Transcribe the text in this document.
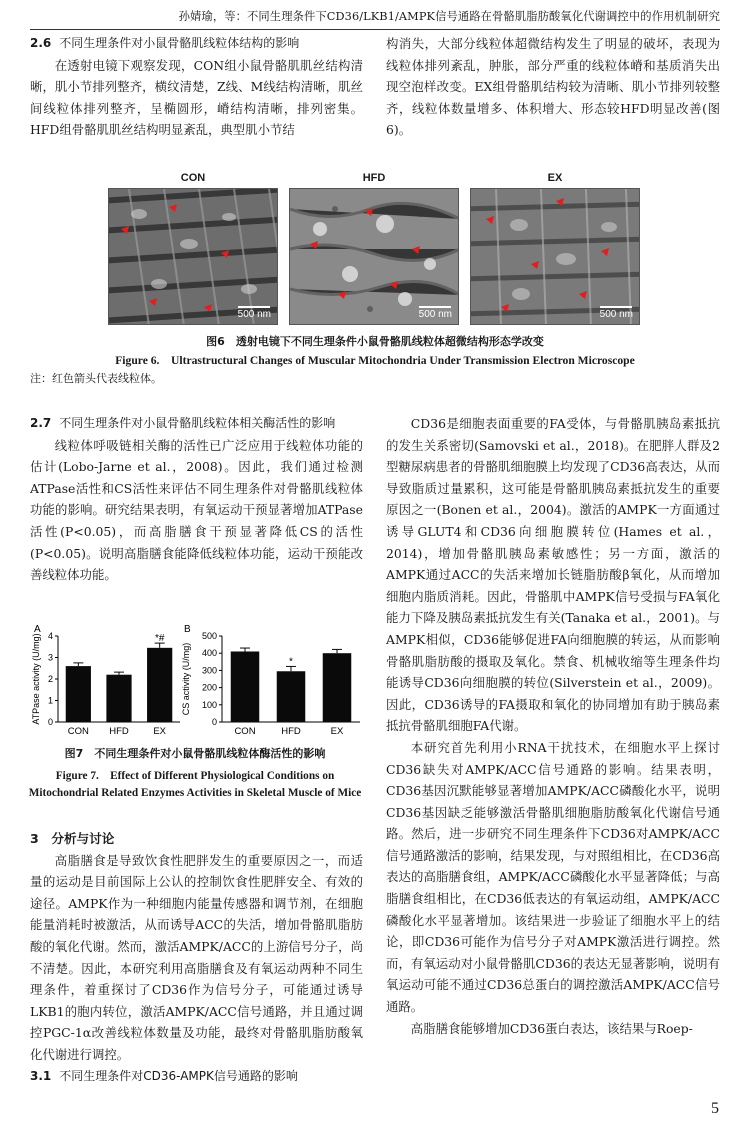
孙婧瑜，等：不同生理条件下CD36/LKB1/AMPK信号通路在骨骼肌脂肪酸氧化代谢调控中的作用机制研究

2.6 不同生理条件对小鼠骨骼肌线粒体结构的影响

在透射电镜下观察发现，CON组小鼠骨骼肌肌丝结构清晰，肌小节排列整齐，横纹清楚，Z线、M线结构清晰，肌丝间线粒体排列整齐，呈椭圆形，嵴结构清晰，排列密集。HFD组骨骼肌肌丝结构明显紊乱，典型肌小节结

构消失，大部分线粒体超微结构发生了明显的破坏，表现为线粒体排列紊乱，肿胀，部分严重的线粒体嵴和基质消失出现空泡样改变。EX组骨骼肌结构较为清晰、肌小节排列较整齐，线粒体数量增多、体积增大、形态较HFD明显改善(图6)。

CON	HFD	EX
500 nm	500 nm	500 nm
图6　透射电镜下不同生理条件小鼠骨骼肌线粒体超微结构形态学改变
Figure 6.　Ultrastructural Changes of Muscular Mitochondria Under Transmission Electron Microscope
注：红色箭头代表线粒体。

2.7 不同生理条件对小鼠骨骼肌线粒体相关酶活性的影响

线粒体呼吸链相关酶的活性已广泛应用于线粒体功能的估计(Lobo-Jarne et al.，2008)。因此，我们通过检测ATPase活性和CS活性来评估不同生理条件对骨骼肌线粒体功能的影响。研究结果表明，有氧运动干预显著增加ATPase活性(P<0.05)，而高脂膳食干预显著降低CS的活性(P<0.05)。说明高脂膳食能降低线粒体功能，运动干预能改善线粒体功能。

A
0
1
2
3
4
ATPase activity (U/mg)
CON HFD
*#
EX
B
0
100
200
300
400
500
CS activity (U/mg)
CON
*
HFD	EX
图7　不同生理条件对小鼠骨骼肌线粒体酶活性的影响
Figure 7.　Effect of Different Physiological Conditions on
Mitochondrial Related Enzymes Activities in Skeletal Muscle of Mice

3　 分析与讨论

高脂膳食是导致饮食性肥胖发生的重要原因之一，而适量的运动是目前国际上公认的控制饮食性肥胖安全、有效的途径。AMPK作为一种细胞内能量传感器和调节剂，在细胞能量消耗时被激活，从而诱导ACC的失活，增加骨骼肌脂肪酸的氧化代谢。然而，激活AMPK/ACC的上游信号分子，尚不清楚。因此，本研究利用高脂膳食及有氧运动两种不同生理条件，着重探讨了CD36作为信号分子，可能通过诱导LKB1的胞内转位，激活AMPK/ACC信号通路，并且通过调控PGC-1α改善线粒体数量及功能，最终对骨骼肌脂肪酸氧化代谢进行调控。

3.1 不同生理条件对CD36-AMPK信号通路的影响

CD36是细胞表面重要的FA受体，与骨骼肌胰岛素抵抗的发生关系密切(Samovski et al.，2018)。在肥胖人群及2型糖尿病患者的骨骼肌细胞膜上均发现了CD36高表达，从而导致脂质过量累积，这可能是骨骼肌胰岛素抵抗发生的重要原因之一(Bonen et al.，2004)。激活的AMPK一方面通过诱导GLUT4和CD36向细胞膜转位(Hames et al.，2014)，增加骨骼肌胰岛素敏感性；另一方面，激活的AMPK通过ACC的失活来增加长链脂肪酸β氧化，从而增加细胞内脂质消耗。因此，骨骼肌中AMPK信号受损与FA氧化能力下降及胰岛素抵抗发生有关(Tanaka et al.，2001)。与AMPK相似，CD36能够促进FA向细胞膜的转运，从而影响骨骼肌脂肪酸的摄取及氧化。禁食、机械收缩等生理条件均能诱导CD36向细胞膜的转位(Silverstein et al.，2009)。因此，CD36诱导的FA摄取和氧化的协同增加有助于胰岛素抵抗骨骼肌细胞FA代谢。

本研究首先利用小RNA干扰技术，在细胞水平上探讨CD36缺失对AMPK/ACC信号通路的影响。结果表明，CD36基因沉默能够显著增加AMPK/ACC磷酸化水平，说明CD36基因缺乏能够激活骨骼肌细胞脂肪酸氧化代谢信号通路。然后，进一步研究不同生理条件下CD36对AMPK/ACC信号通路激活的影响，结果发现，与对照组相比，在CD36高表达的高脂膳食组，AMPK/ACC磷酸化水平显著降低；与高脂膳食组相比，在CD36低表达的有氧运动组，AMPK/ACC磷酸化水平显著增加。该结果进一步验证了细胞水平上的结论，即CD36可能作为信号分子对AMPK激活进行调控。然而，有氧运动对小鼠骨骼肌CD36的表达无显著影响，说明有氧运动可能不通过CD36总蛋白的调控激活AMPK/ACC信号通路。

高脂膳食能够增加CD36蛋白表达，该结果与Roep-

5
